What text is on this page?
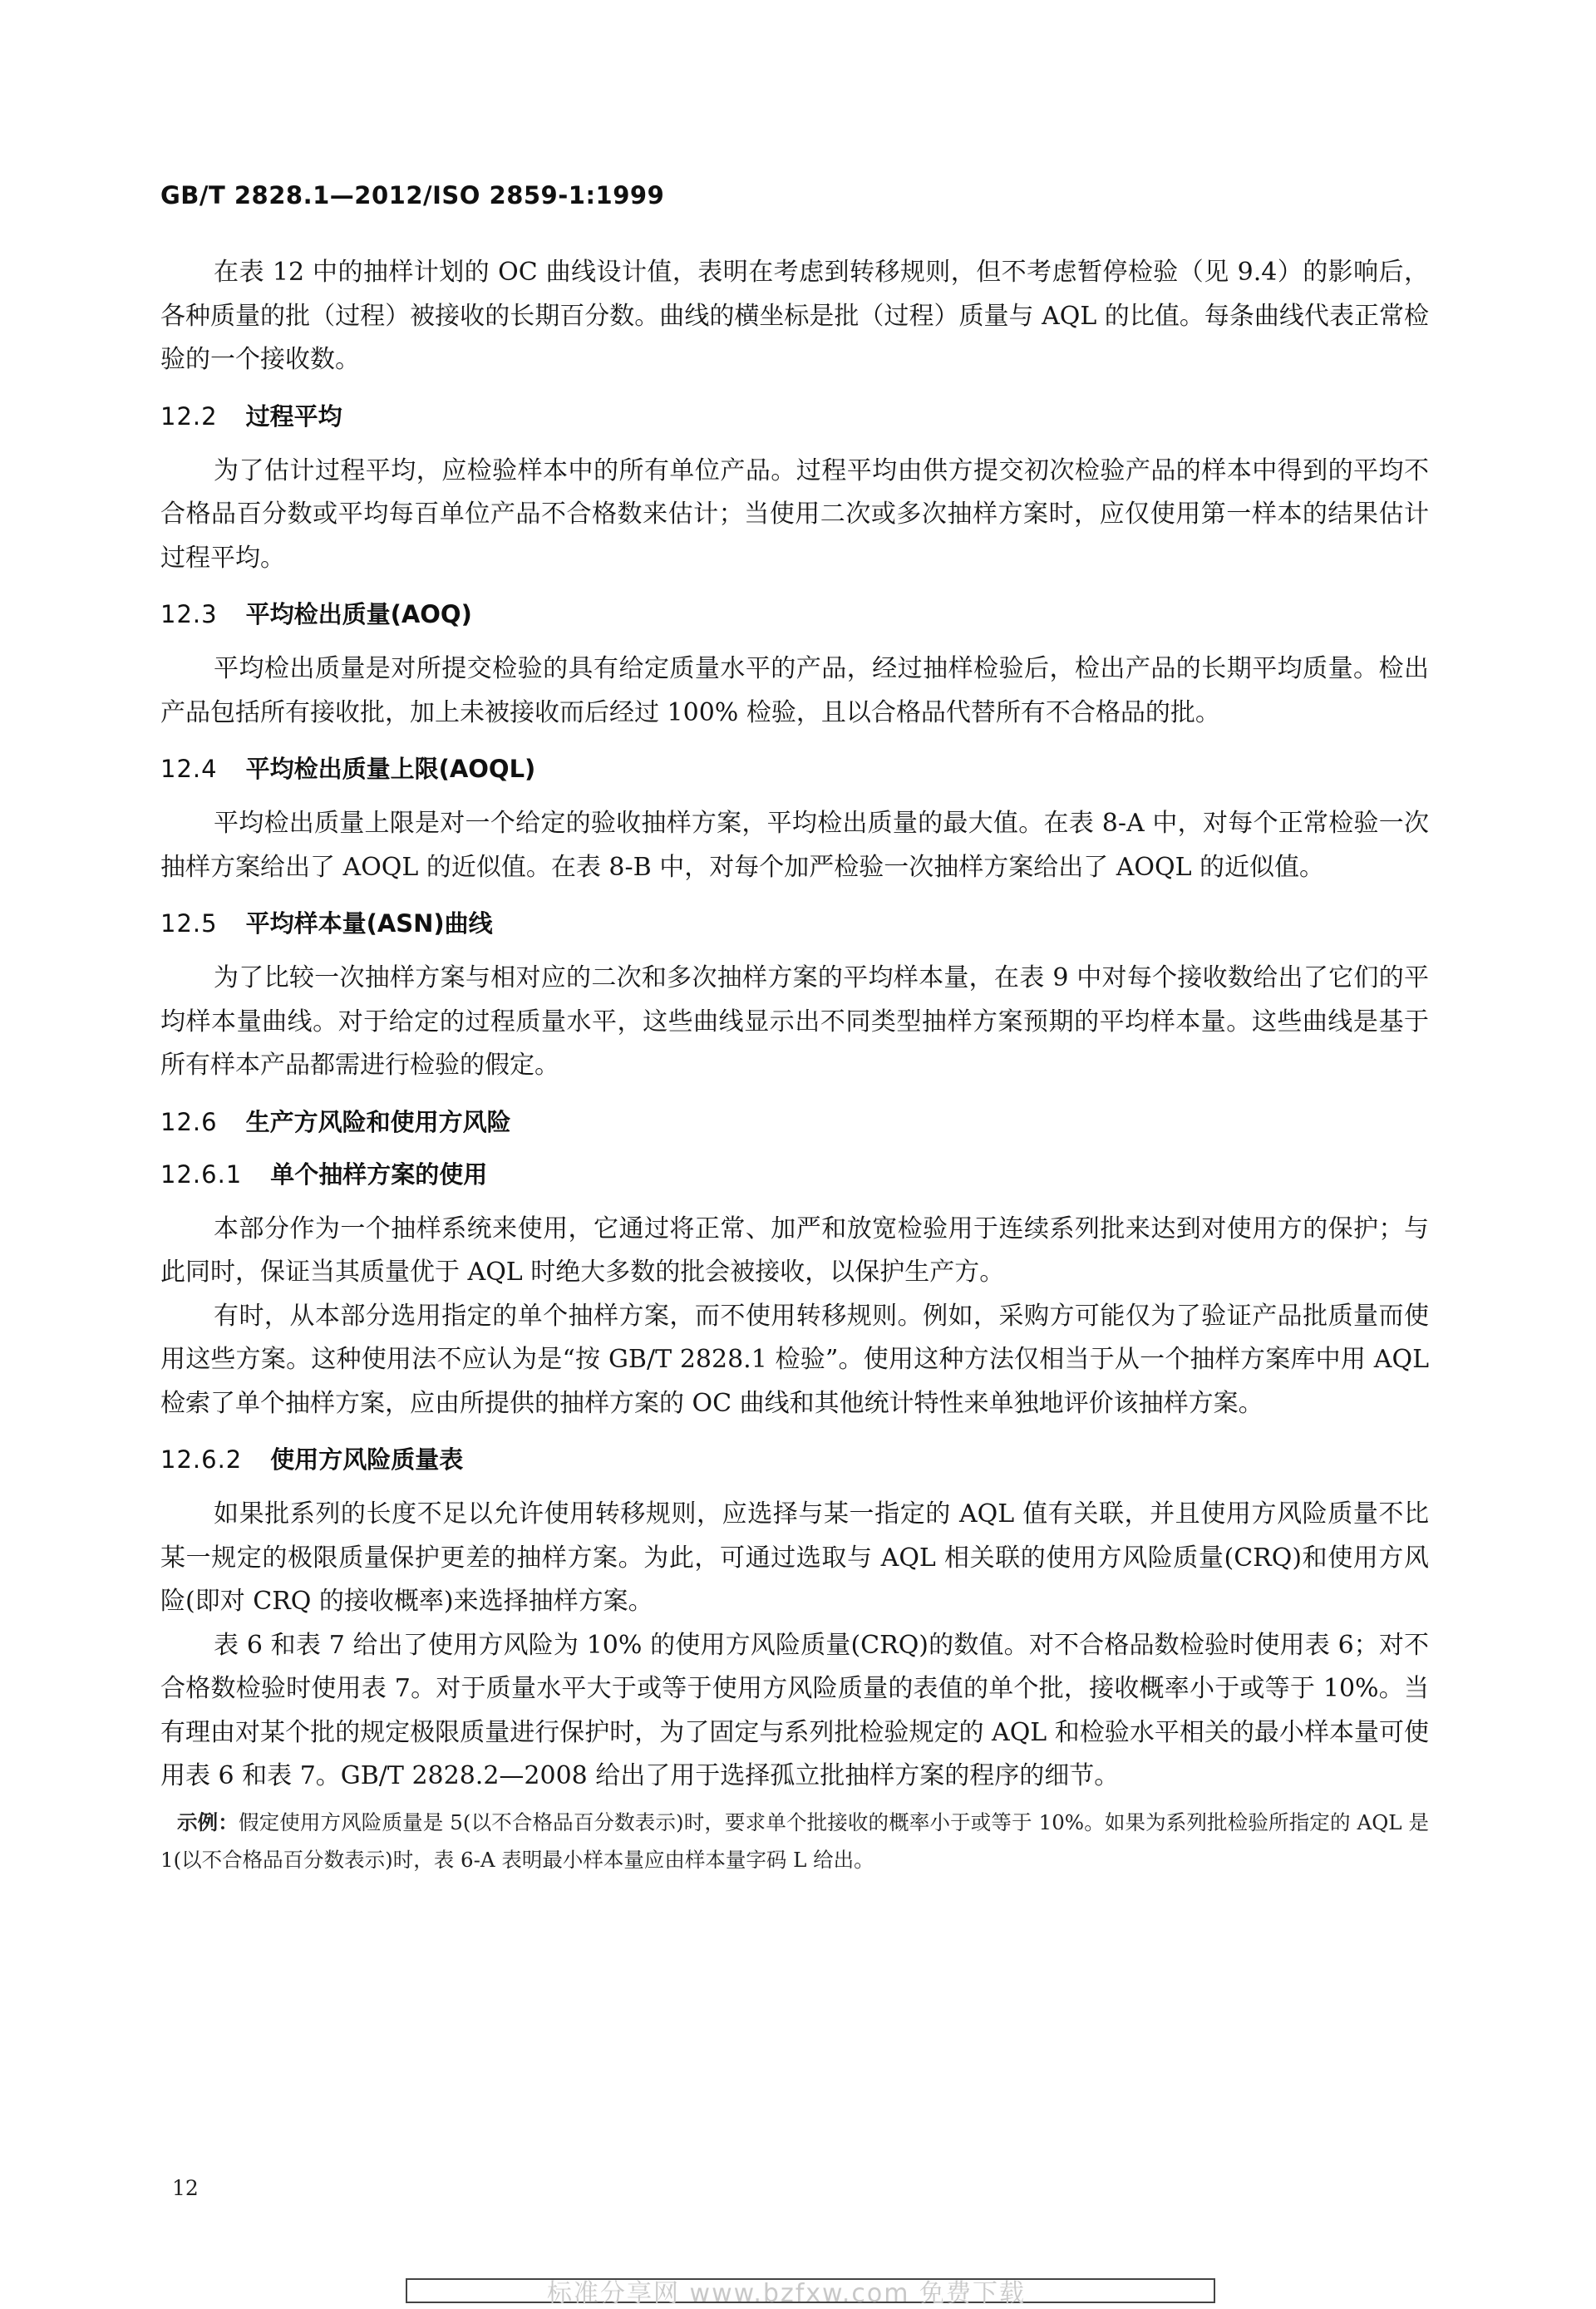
GB/T 2828.1—2012/ISO 2859-1:1999

在表 12 中的抽样计划的 OC 曲线设计值，表明在考虑到转移规则，但不考虑暂停检验（见 9.4）的影响后，各种质量的批（过程）被接收的长期百分数。曲线的横坐标是批（过程）质量与 AQL 的比值。每条曲线代表正常检验的一个接收数。

12.2 过程平均

为了估计过程平均，应检验样本中的所有单位产品。过程平均由供方提交初次检验产品的样本中得到的平均不合格品百分数或平均每百单位产品不合格数来估计；当使用二次或多次抽样方案时，应仅使用第一样本的结果估计过程平均。

12.3 平均检出质量(AOQ)

平均检出质量是对所提交检验的具有给定质量水平的产品，经过抽样检验后，检出产品的长期平均质量。检出产品包括所有接收批，加上未被接收而后经过 100% 检验，且以合格品代替所有不合格品的批。

12.4 平均检出质量上限(AOQL)

平均检出质量上限是对一个给定的验收抽样方案，平均检出质量的最大值。在表 8-A 中，对每个正常检验一次抽样方案给出了 AOQL 的近似值。在表 8-B 中，对每个加严检验一次抽样方案给出了 AOQL 的近似值。

12.5 平均样本量(ASN)曲线

为了比较一次抽样方案与相对应的二次和多次抽样方案的平均样本量，在表 9 中对每个接收数给出了它们的平均样本量曲线。对于给定的过程质量水平，这些曲线显示出不同类型抽样方案预期的平均样本量。这些曲线是基于所有样本产品都需进行检验的假定。

12.6 生产方风险和使用方风险
12.6.1 单个抽样方案的使用

本部分作为一个抽样系统来使用，它通过将正常、加严和放宽检验用于连续系列批来达到对使用方的保护；与此同时，保证当其质量优于 AQL 时绝大多数的批会被接收，以保护生产方。

有时，从本部分选用指定的单个抽样方案，而不使用转移规则。例如，采购方可能仅为了验证产品批质量而使用这些方案。这种使用法不应认为是“按 GB/T 2828.1 检验”。使用这种方法仅相当于从一个抽样方案库中用 AQL 检索了单个抽样方案，应由所提供的抽样方案的 OC 曲线和其他统计特性来单独地评价该抽样方案。

12.6.2 使用方风险质量表

如果批系列的长度不足以允许使用转移规则，应选择与某一指定的 AQL 值有关联，并且使用方风险质量不比某一规定的极限质量保护更差的抽样方案。为此，可通过选取与 AQL 相关联的使用方风险质量(CRQ)和使用方风险(即对 CRQ 的接收概率)来选择抽样方案。

表 6 和表 7 给出了使用方风险为 10% 的使用方风险质量(CRQ)的数值。对不合格品数检验时使用表 6；对不合格数检验时使用表 7。对于质量水平大于或等于使用方风险质量的表值的单个批，接收概率小于或等于 10%。当有理由对某个批的规定极限质量进行保护时，为了固定与系列批检验规定的 AQL 和检验水平相关的最小样本量可使用表 6 和表 7。GB/T 2828.2—2008 给出了用于选择孤立批抽样方案的程序的细节。

示例：假定使用方风险质量是 5(以不合格品百分数表示)时，要求单个批接收的概率小于或等于 10%。如果为系列批检验所指定的 AQL 是 1(以不合格品百分数表示)时，表 6-A 表明最小样本量应由样本量字码 L 给出。

12
标准分享网 www.bzfxw.com 免费下载
